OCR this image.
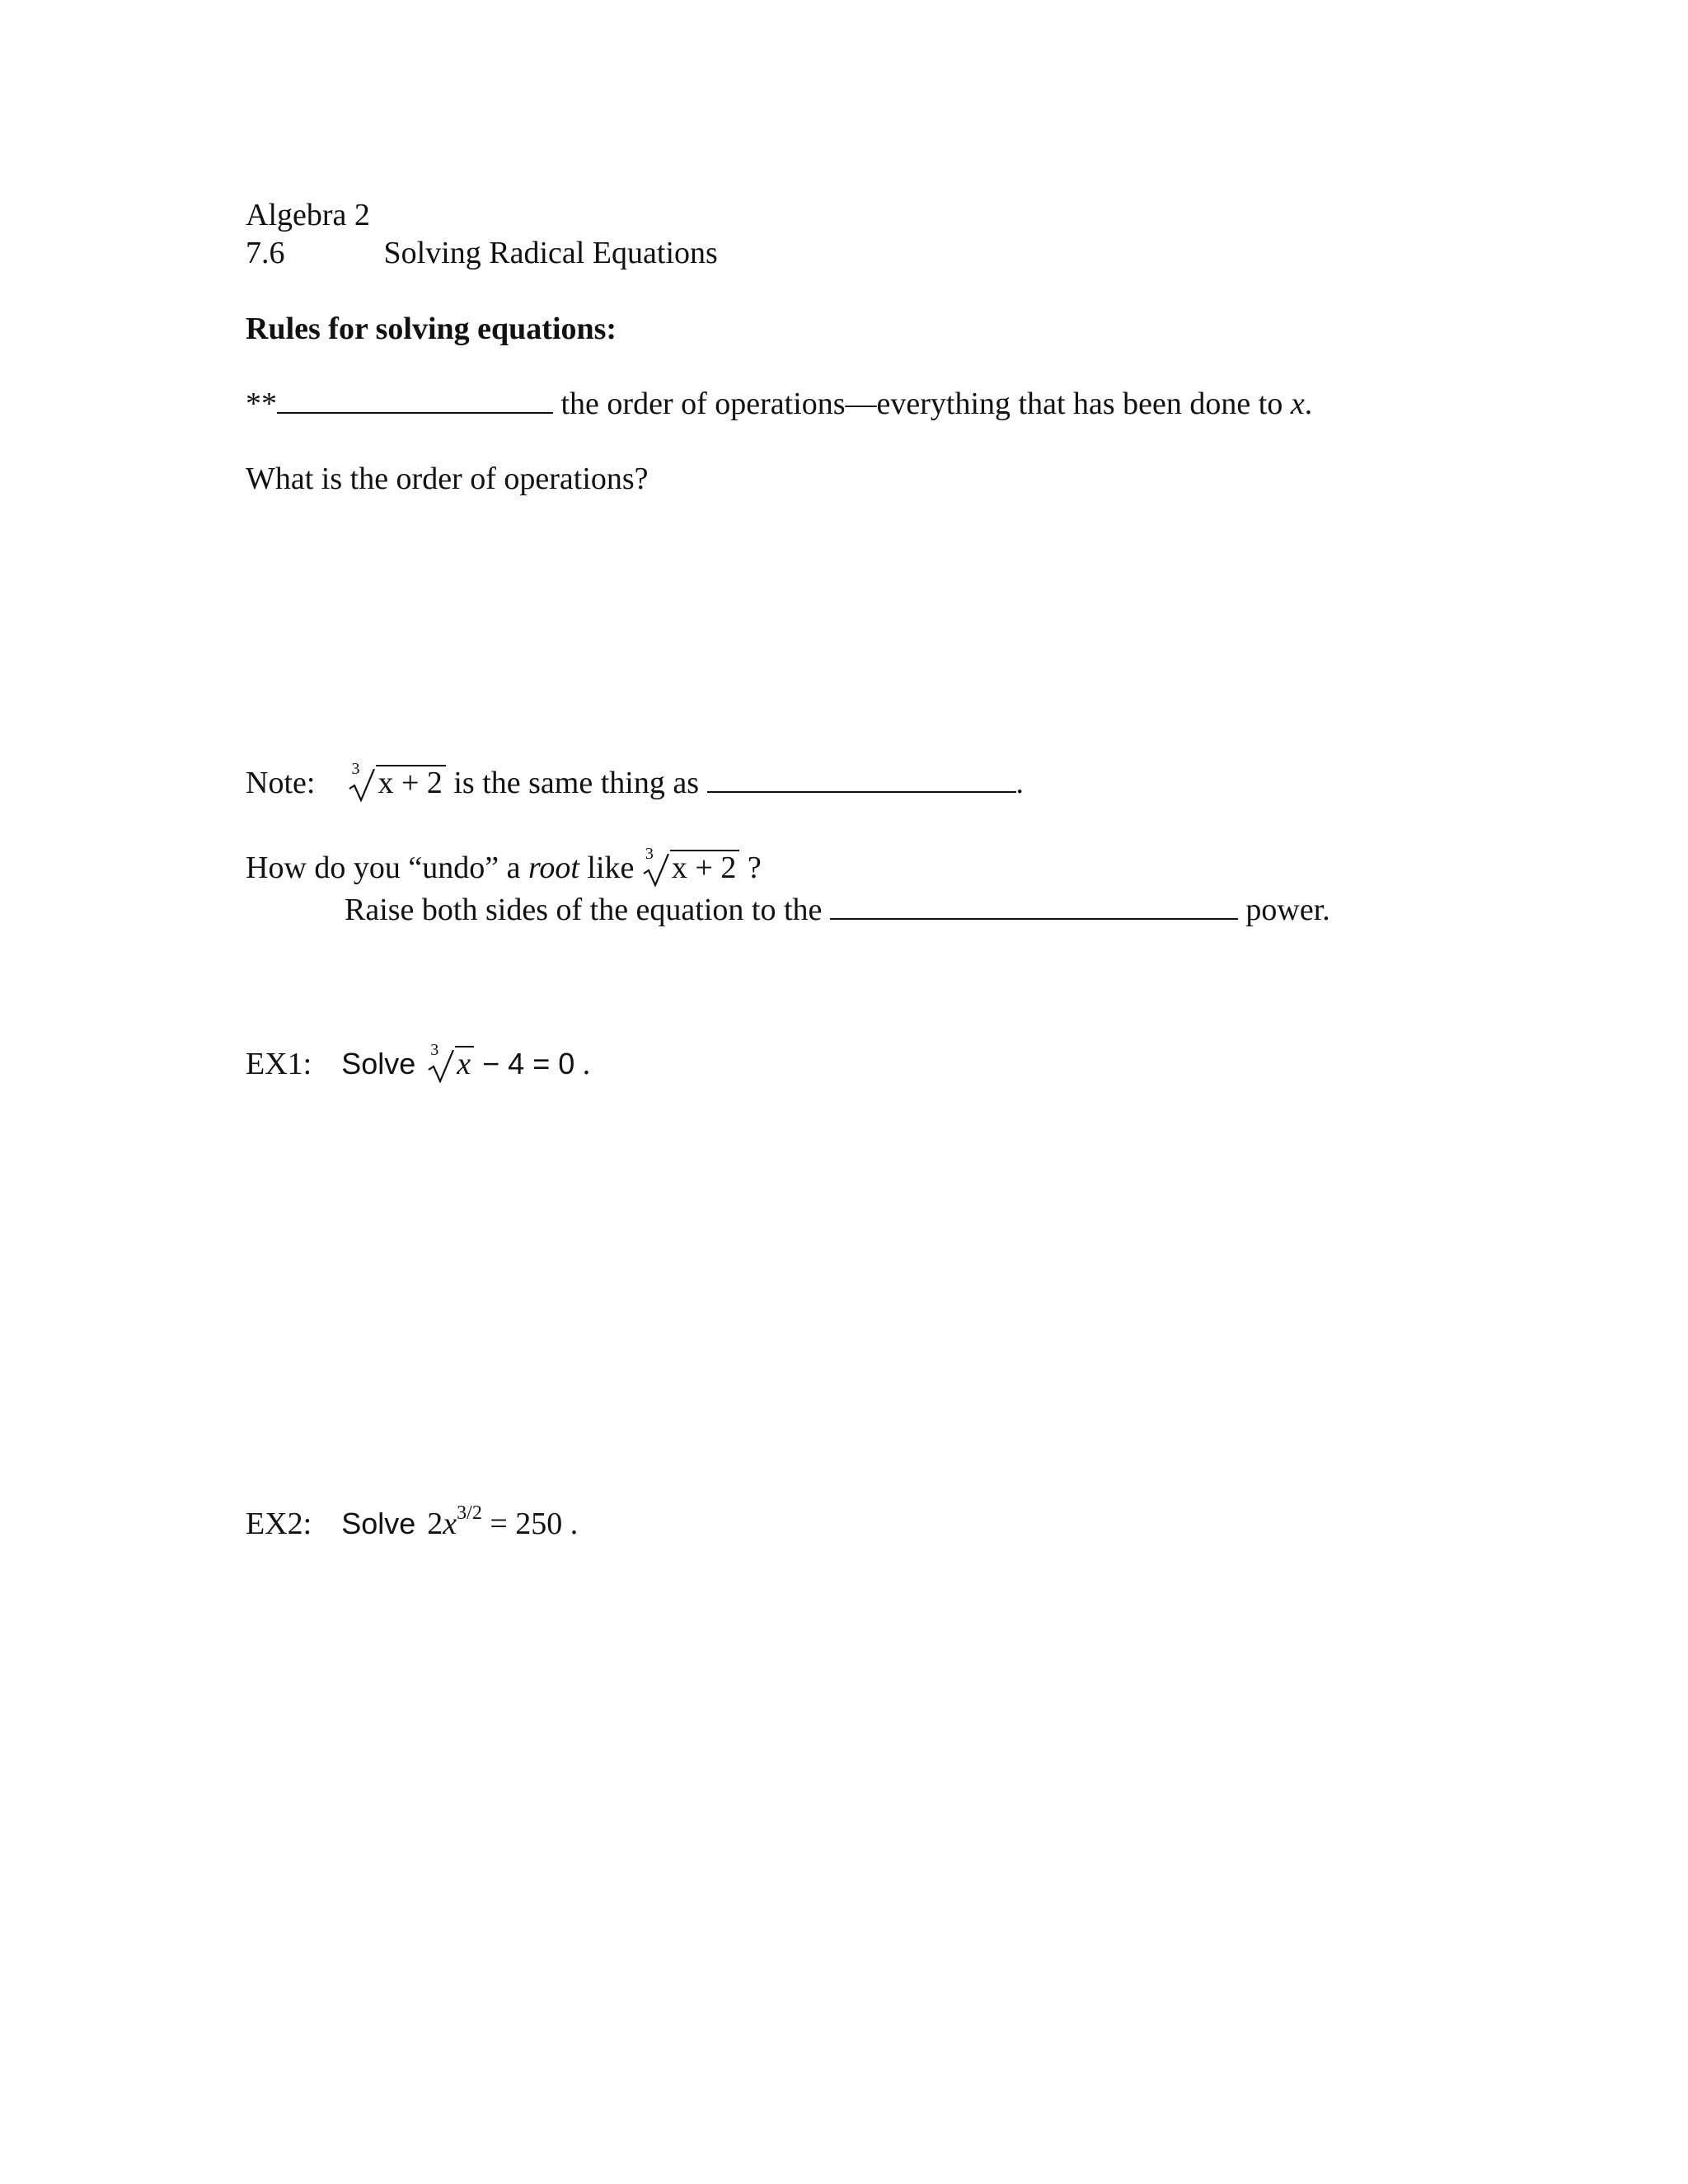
Algebra 2
7.6	Solving Radical Equations
Rules for solving equations:
**	the order of operations—everything that has been done to x.
What is the order of operations?
Note: 3 x + 2 is the same thing as	.
How do you “undo” a root like 3 x + 2 ?
Raise both sides of the equation to the	power.
EX1: Solve 3 x − 4 = 0 .
EX2: Solve $2x^{3/2} = 250$ .
